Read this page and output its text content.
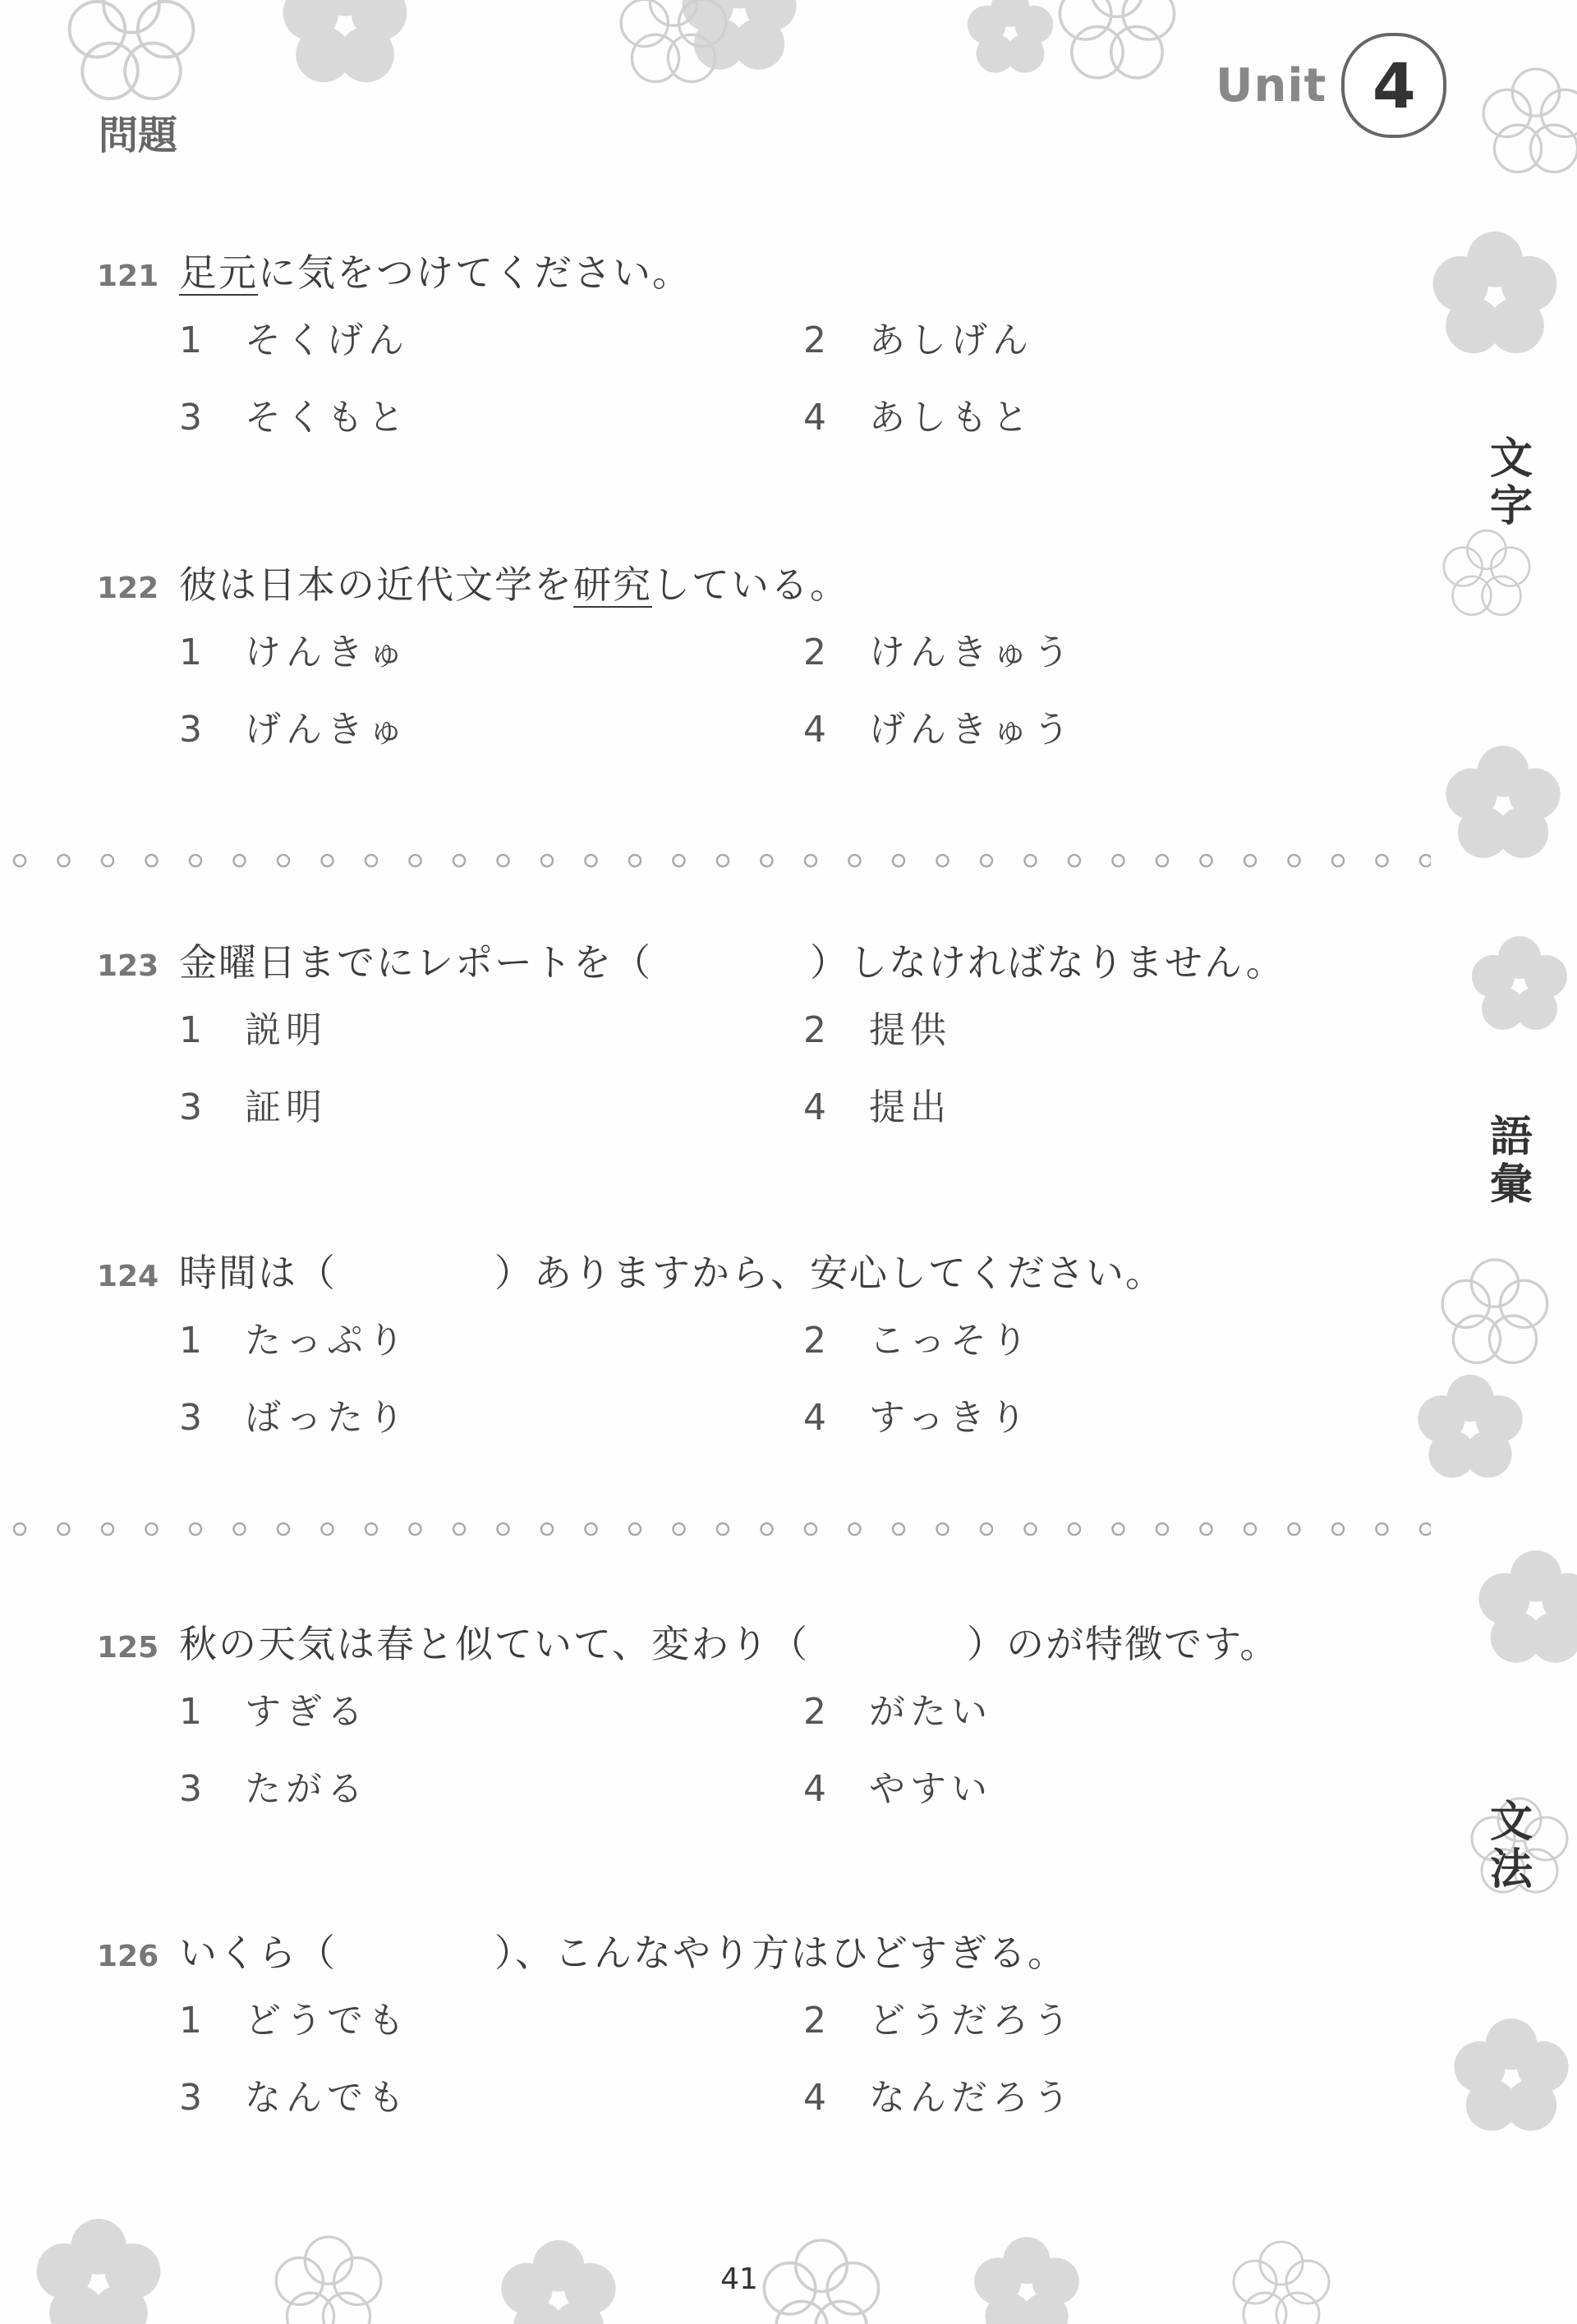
Unit 4
問題
121 足元に気をつけてください。
1	そくげん	2	あしげん
3	そくもと	4	あしもと
122 彼は日本の近代文学を研究している。
1	けんきゅ	2	けんきゅう
3	げんきゅ	4	げんきゅう
123 金曜日までにレポートを（　　　　）しなければなりません。
1	説明	2	提供
3	証明	4	提出
124 時間は（　　　　）ありますから、安心してください。
1	たっぷり	2	こっそり
3	ばったり	4	すっきり
125 秋の天気は春と似ていて、変わり（　　　　）のが特徴です。
1	すぎる	2	がたい
3	たがる	4	やすい
126 いくら（　　　　）、こんなやり方はひどすぎる。
1	どうでも	2	どうだろう
3	なんでも	4	なんだろう
文
字
語
彙
文
法
41
